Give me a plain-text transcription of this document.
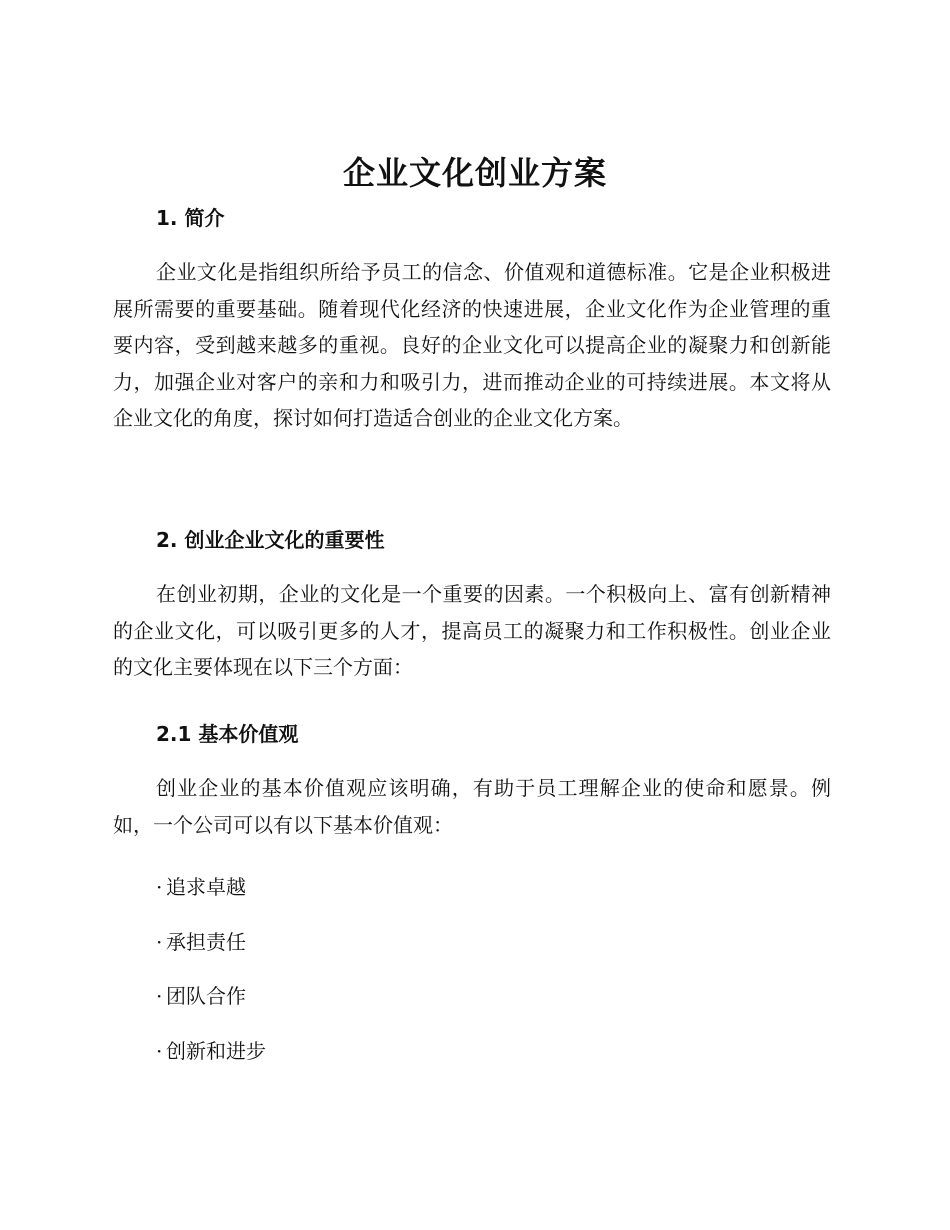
企业文化创业方案
1. 简介

企业文化是指组织所给予员工的信念、价值观和道德标准。它是企业积极进展所需要的重要基础。随着现代化经济的快速进展，企业文化作为企业管理的重要内容，受到越来越多的重视。良好的企业文化可以提高企业的凝聚力和创新能力，加强企业对客户的亲和力和吸引力，进而推动企业的可持续进展。本文将从企业文化的角度，探讨如何打造适合创业的企业文化方案。

2. 创业企业文化的重要性

在创业初期，企业的文化是一个重要的因素。一个积极向上、富有创新精神的企业文化，可以吸引更多的人才，提高员工的凝聚力和工作积极性。创业企业的文化主要体现在以下三个方面：

2.1 基本价值观

创业企业的基本价值观应该明确，有助于员工理解企业的使命和愿景。例如，一个公司可以有以下基本价值观：

· 追求卓越
· 承担责任
· 团队合作
· 创新和进步
